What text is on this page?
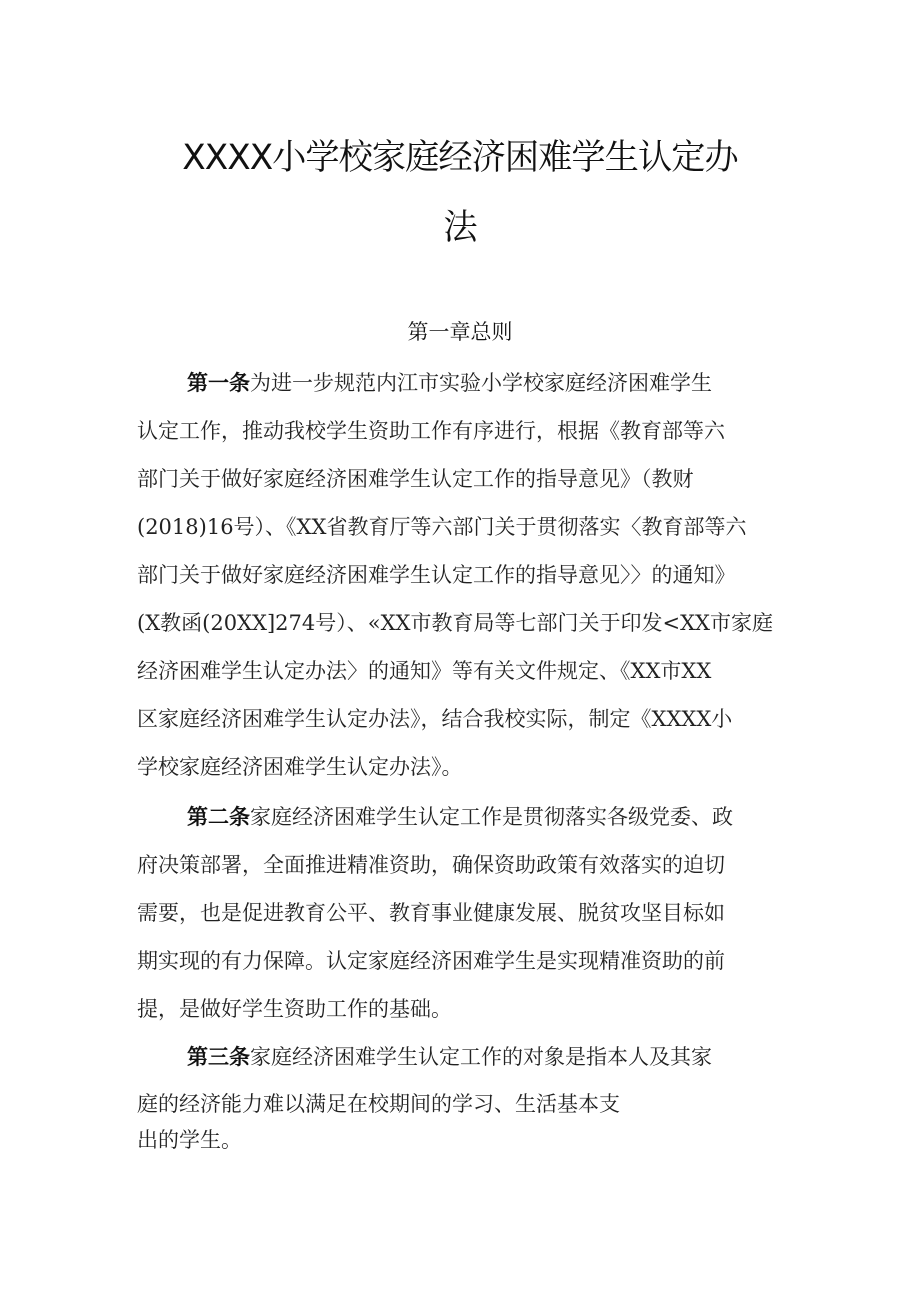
XXXX小学校家庭经济困难学生认定办
法
第一章总则
第一条为进一步规范内江市实验小学校家庭经济困难学生
认定工作，推动我校学生资助工作有序进行，根据《教育部等六
部门关于做好家庭经济困难学生认定工作的指导意见》（教财
(2018)16号）、《XX省教育厅等六部门关于贯彻落实〈教育部等六
部门关于做好家庭经济困难学生认定工作的指导意见〉〉的通知》
(X教函(20XX]274号）、«XX市教育局等七部门关于印发<XX市家庭
经济困难学生认定办法〉的通知》等有关文件规定、《XX市XX
区家庭经济困难学生认定办法》，结合我校实际，制定《XXXX小
学校家庭经济困难学生认定办法》。
第二条家庭经济困难学生认定工作是贯彻落实各级党委、政
府决策部署，全面推进精准资助，确保资助政策有效落实的迫切
需要，也是促进教育公平、教育事业健康发展、脱贫攻坚目标如
期实现的有力保障。认定家庭经济困难学生是实现精准资助的前
提，是做好学生资助工作的基础。
第三条家庭经济困难学生认定工作的对象是指本人及其家
庭的经济能力难以满足在校期间的学习、生活基本支
出的学生。
